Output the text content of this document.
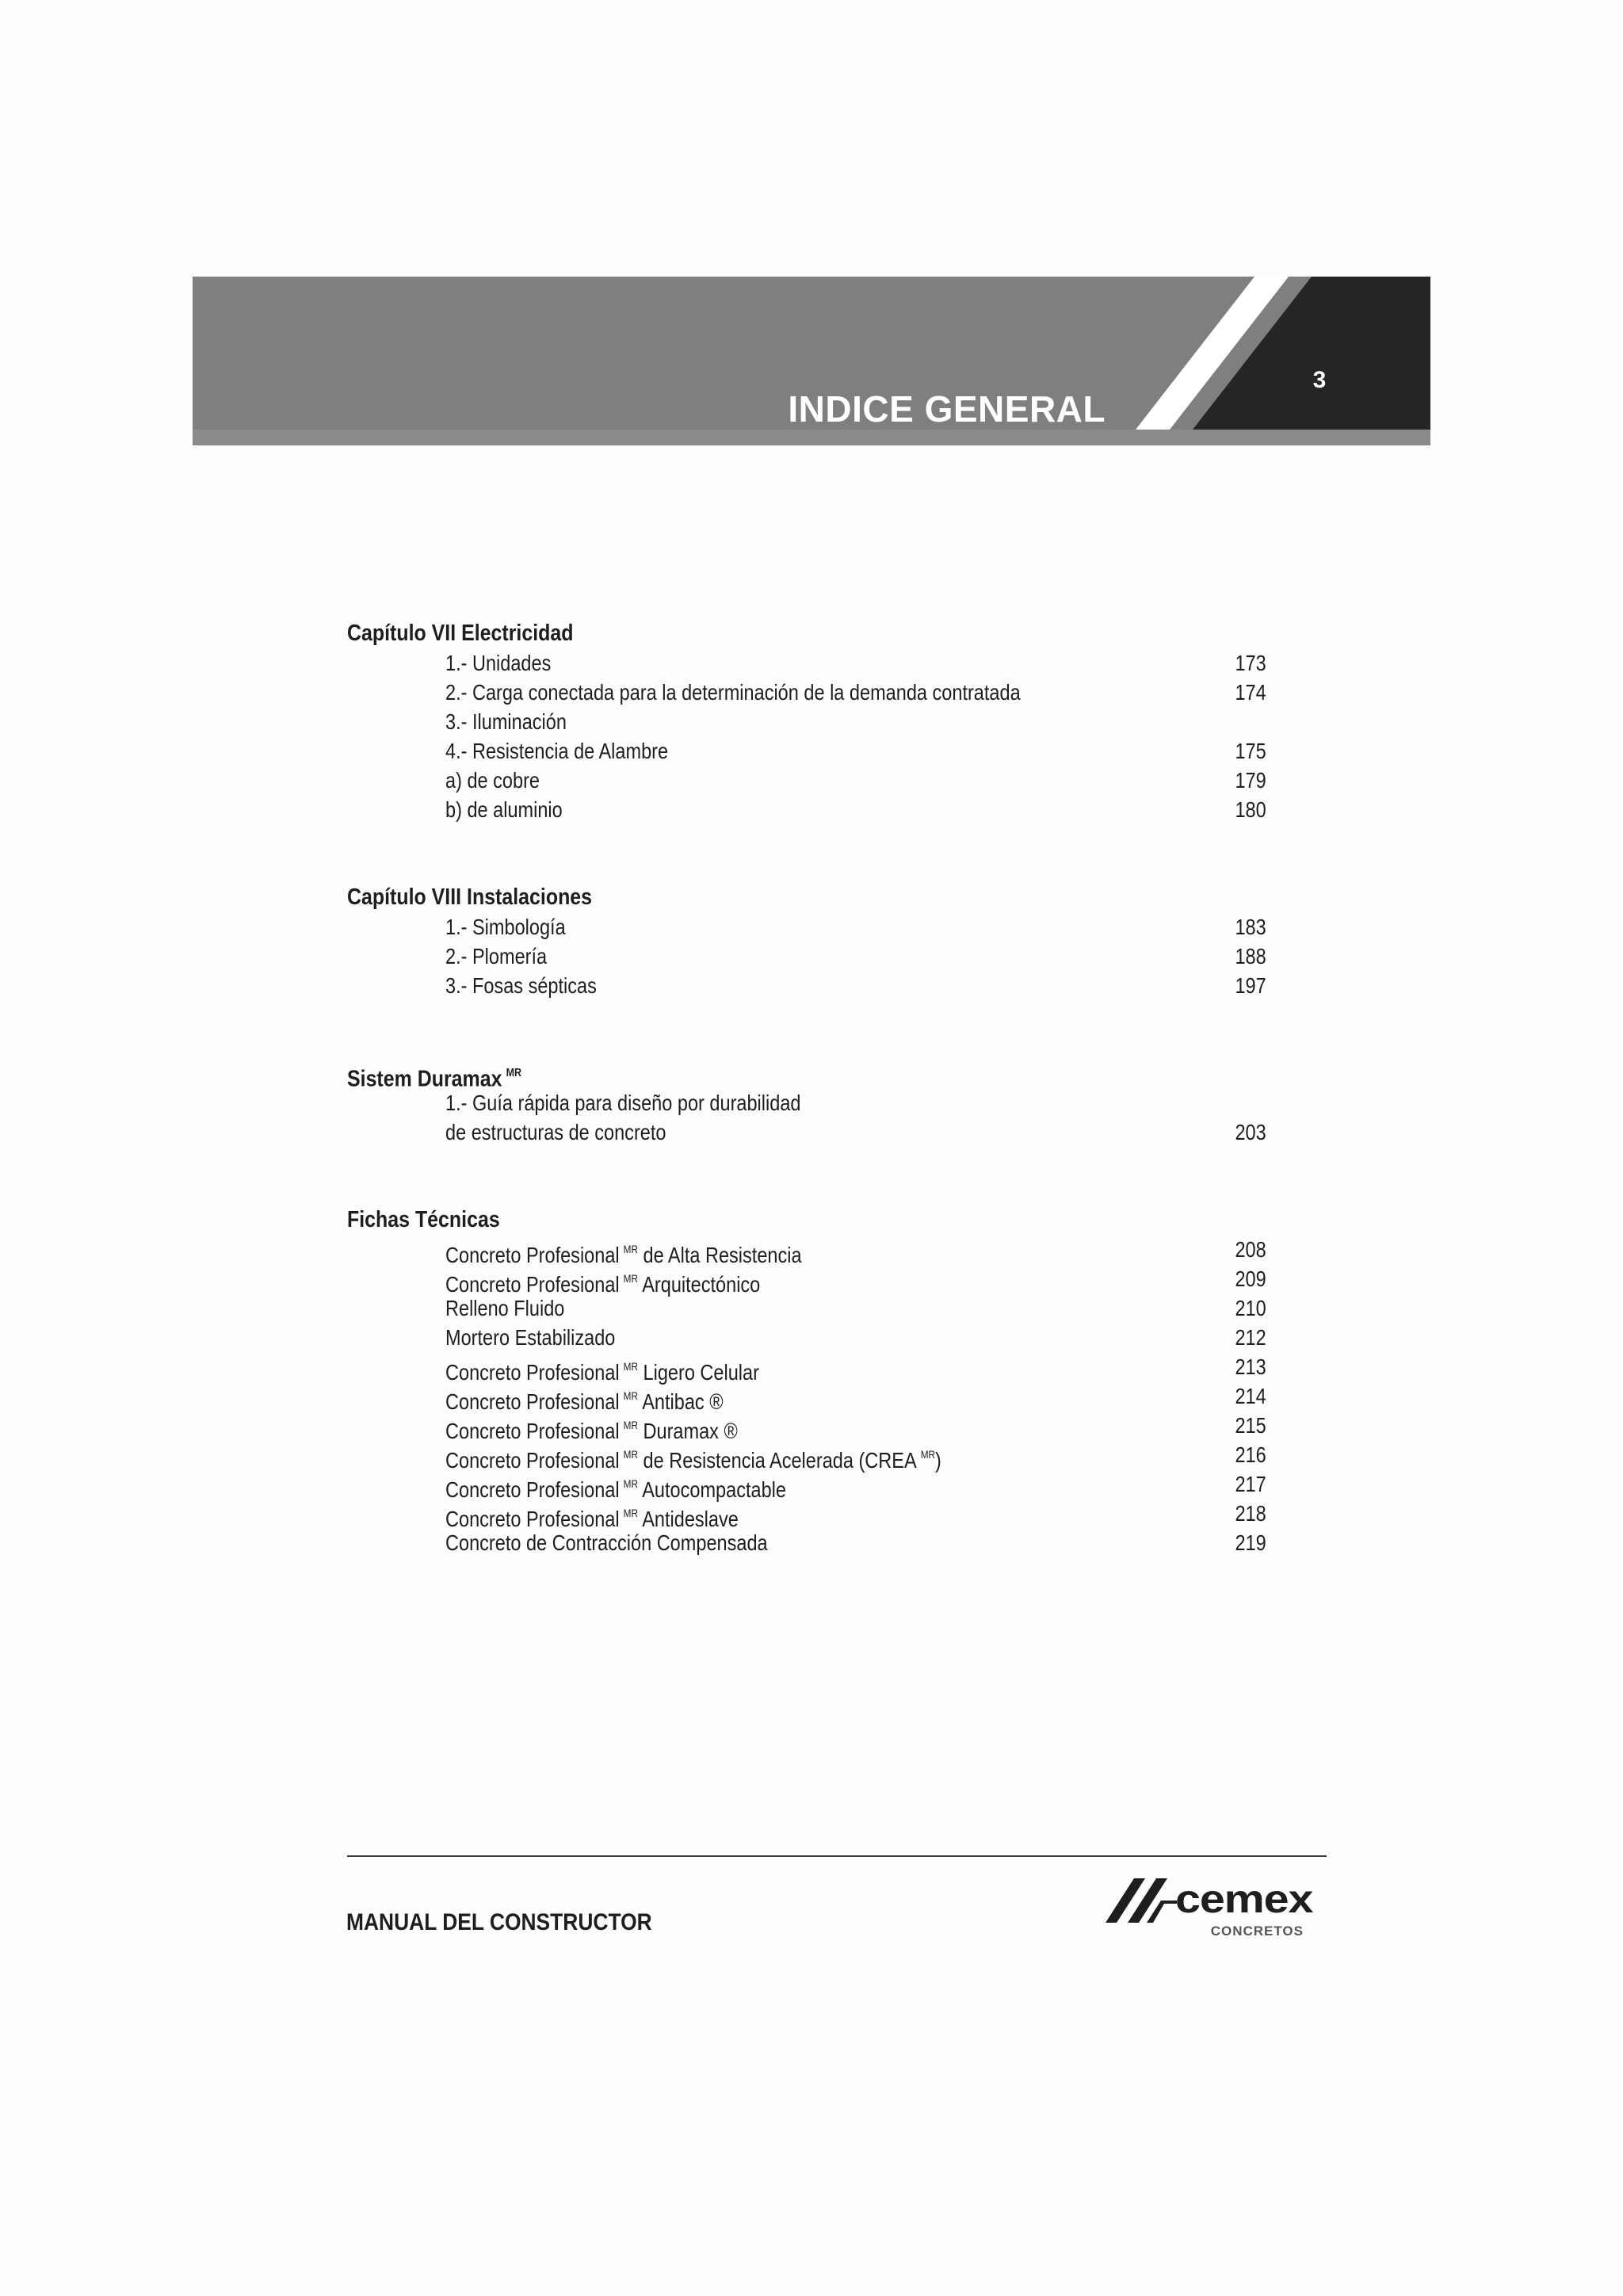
INDICE GENERAL
3
Capítulo VII Electricidad
1.- Unidades	173
2.- Carga conectada para la determinación de la demanda contratada	174
3.- Iluminación
4.- Resistencia de Alambre	175
a) de cobre	179
b) de aluminio	180
Capítulo VIII Instalaciones
1.- Simbología	183
2.- Plomería	188
3.- Fosas sépticas	197
Sistem Duramax $^{MR}$
1.- Guía rápida para diseño por durabilidad
de estructuras de concreto	203
Fichas Técnicas
Concreto Profesional $^{MR}$ de Alta Resistencia	208
Concreto Profesional $^{MR}$ Arquitectónico	209
Relleno Fluido	210
Mortero Estabilizado	212
Concreto Profesional $^{MR}$ Ligero Celular	213
Concreto Profesional $^{MR}$ Antibac ®	214
Concreto Profesional $^{MR}$ Duramax ®	215
Concreto Profesional $^{MR}$ de Resistencia Acelerada (CREA $^{MR}$)	216
Concreto Profesional $^{MR}$ Autocompactable	217
Concreto Profesional $^{MR}$ Antideslave	218
Concreto de Contracción Compensada	219
MANUAL DEL CONSTRUCTOR
cemex
CONCRETOS
